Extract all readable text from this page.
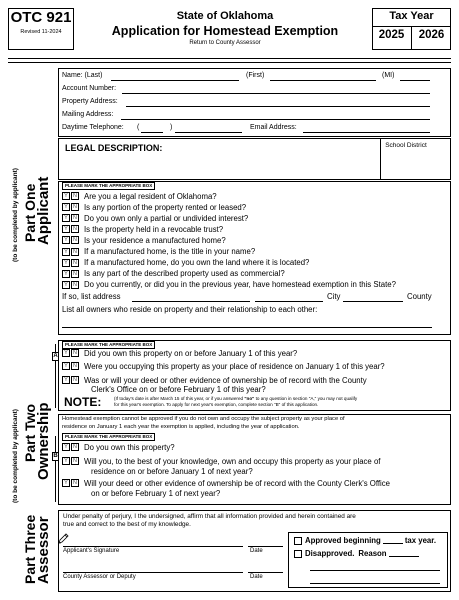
OTC 921
Revised 11-2024
State of Oklahoma
Application for Homestead Exemption
Return to County Assessor
Tax Year
2025	2026
(to be completed by applicant) Part One
Applicant
Name: (Last)	(First)	(MI)
Account Number:
Property Address:
Mailing Address:
Daytime Telephone: (	)	Email Address:
LEGAL DESCRIPTION:	School District
PLEASE MARK THE APPROPRIATE BOX
Y N Are you a legal resident of Oklahoma?
Y N Is any portion of the property rented or leased?
Y N Do you own only a partial or undivided interest?
Y N Is the property held in a revocable trust?
Y N Is your residence a manufactured home?
Y N If a manufactured home, is the title in your name?
Y N If a manufactured home, do you own the land where it is located?
Y N Is any part of the described property used as commercial?
Y N Do you currently, or did you in the previous year, have homestead exemption in this State?
If so, list address	City	County
List all owners who reside on property and their relationship to each other:
(to be completed by applicant) Part Two
Ownership
A
PLEASE MARK THE APPROPRIATE BOX
Y N Did you own this property on or before January 1 of this year?
Y N Were you occupying this property as your place of residence on January 1 of this year?
Y N Was or will your deed or other evidence of ownership be of record with the County
Clerk's Office on or before February 1 of this year?
NOTE:	(If today's date is after March 15 of this year, or if you answered "no" to any question in section "A," you may not qualify
for this year's exemption. To apply for next year's exemption, complete section "B" of this application.
Homestead exemption cannot be approved if you do not own and occupy the subject property as your place of
residence on January 1 each year the exemption is applied, including the year of application.
PLEASE MARK THE APPROPRIATE BOX
B
Y N Do you own this property?
Y N Will you, to the best of your knowledge, own and occupy this property as your place of
residence on or before January 1 of next year?
Y N Will your deed or other evidence of ownership be of record with the County Clerk's Office
on or before February 1 of next year?
Part Three
Assessor Under penalty of perjury, I the undersigned, affirm that all information provided and herein contained are
true and correct to the best of my knowledge.
Applicant's Signature	Date
County Assessor or Deputy	Date
Approved beginning	tax year.
Disapproved. Reason
